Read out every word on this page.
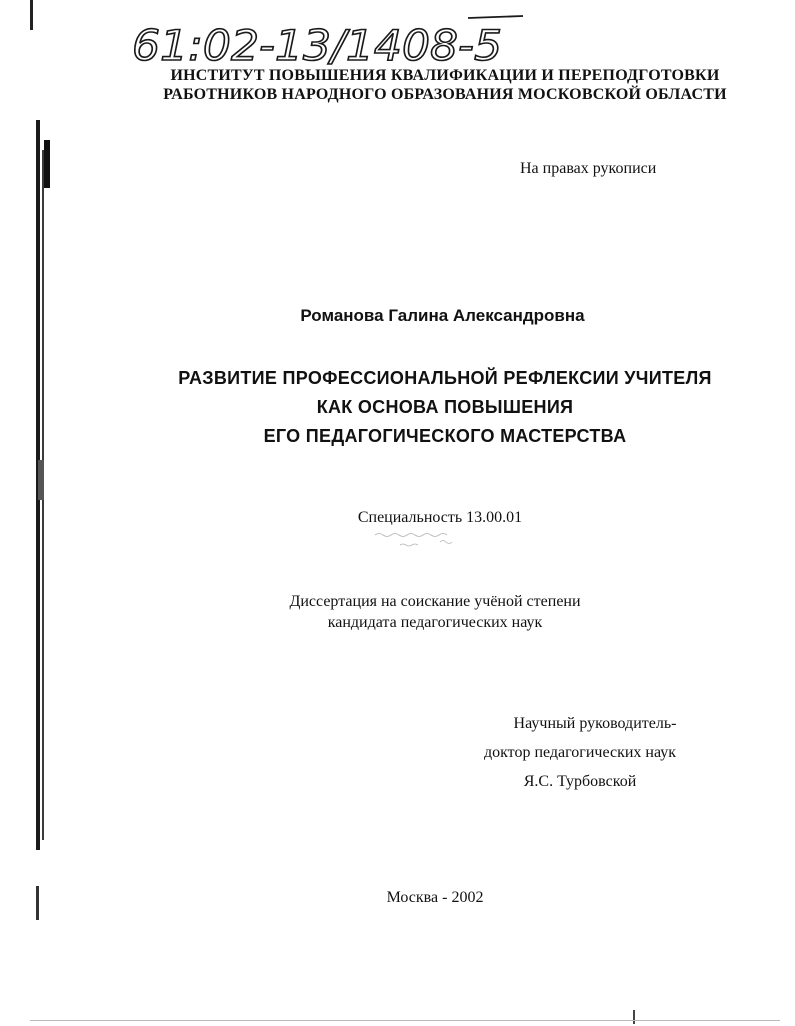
61:02-13/1408-5
ИНСТИТУТ ПОВЫШЕНИЯ КВАЛИФИКАЦИИ И ПЕРЕПОДГОТОВКИ
РАБОТНИКОВ НАРОДНОГО ОБРАЗОВАНИЯ МОСКОВСКОЙ ОБЛАСТИ
На правах рукописи
Романова Галина Александровна
РАЗВИТИЕ ПРОФЕССИОНАЛЬНОЙ РЕФЛЕКСИИ УЧИТЕЛЯ
КАК ОСНОВА ПОВЫШЕНИЯ
ЕГО ПЕДАГОГИЧЕСКОГО МАСТЕРСТВА
Специальность 13.00.01
Диссертация на соискание учёной степени
кандидата педагогических наук
Научный руководитель-
доктор педагогических наук
Я.С. Турбовской
Москва - 2002
